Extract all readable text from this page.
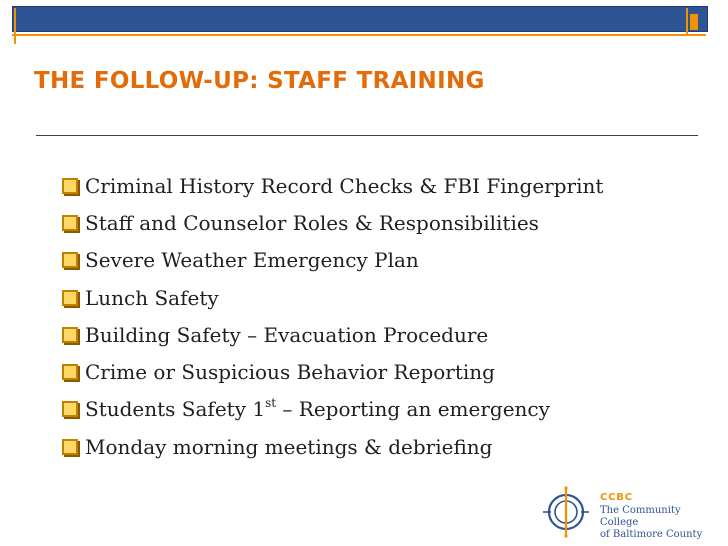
THE FOLLOW-UP: STAFF TRAINING
Criminal History Record Checks & FBI Fingerprint
Staff and Counselor Roles & Responsibilities
Severe Weather Emergency Plan
Lunch Safety
Building Safety – Evacuation Procedure
Crime or Suspicious Behavior Reporting
Students Safety 1st – Reporting an emergency
Monday morning meetings & debriefing
CCBC
The Community College
of Baltimore County
